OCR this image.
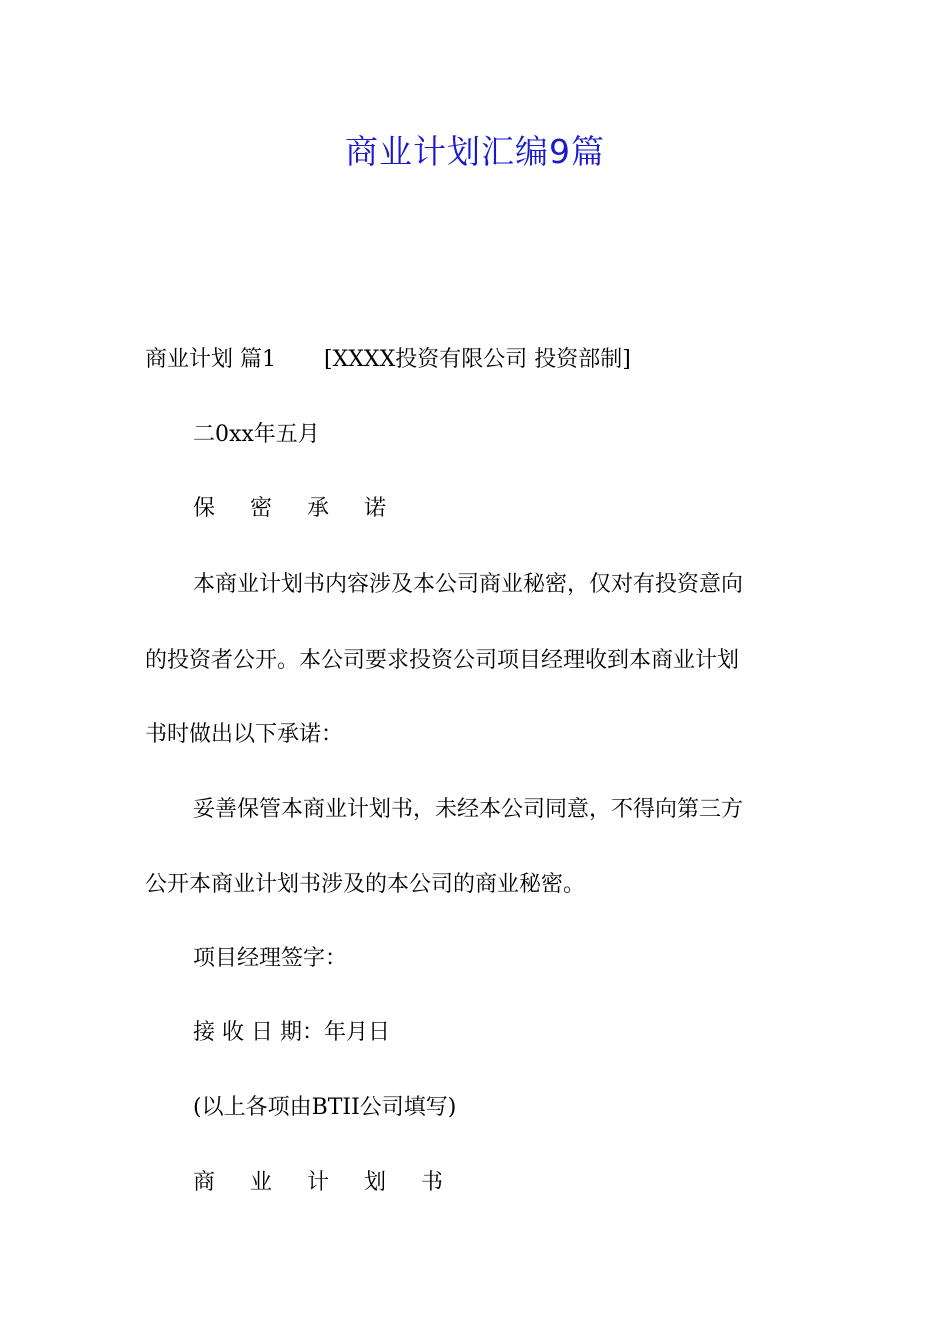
商业计划汇编9篇
商业计划 篇1 [XXXX投资有限公司 投资部制]
二0xx年五月
保 密 承 诺
本商业计划书内容涉及本公司商业秘密，仅对有投资意向
的投资者公开。本公司要求投资公司项目经理收到本商业计划
书时做出以下承诺：
妥善保管本商业计划书，未经本公司同意，不得向第三方
公开本商业计划书涉及的本公司的商业秘密。
项目经理签字：
接 收 日 期：年月日
(以上各项由BTII公司填写)
商 业 计 划 书
